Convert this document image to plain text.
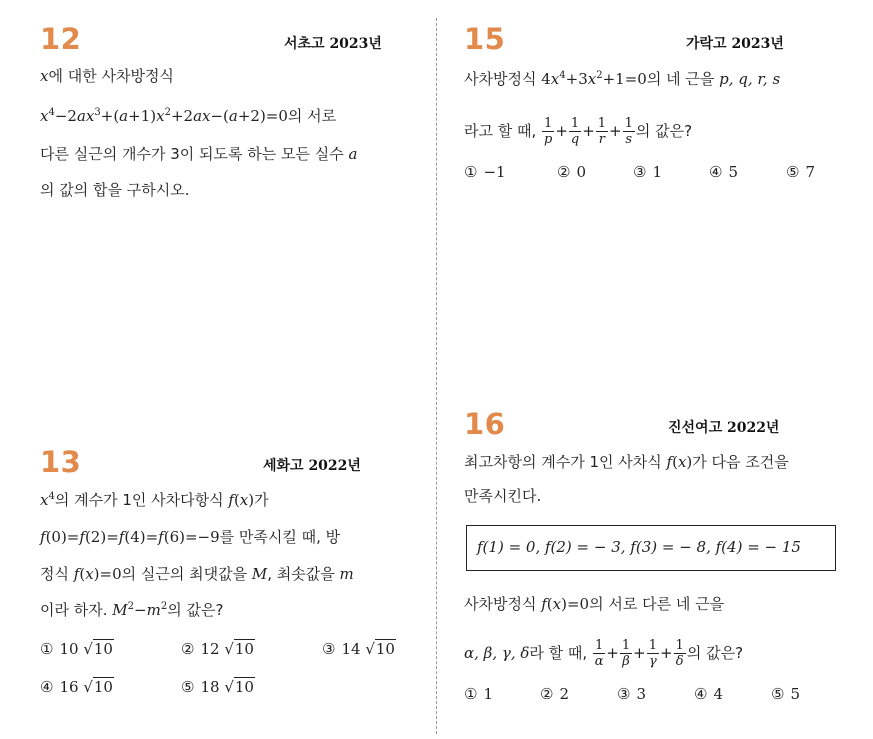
12	서초고 2023년
x에 대한 사차방정식
$x^4-2ax^3+(a+1)x^2+2ax-(a+2)=0$의 서로
다른 실근의 개수가 3이 되도록 하는 모든 실수 a
의 값의 합을 구하시오.
15	가락고 2023년
사차방정식 $4x^4+3x^2+1=0$의 네 근을 p, q, r, s
라고 할 때, $\frac{1}{p} + \frac{1}{q} + \frac{1}{r} + \frac{1}{s}$ 의 값은?
① −1	② 0	③ 1	④ 5	⑤ 7
13	세화고 2022년
$x^4$의 계수가 1인 사차다항식 f(x)가
f(0)=f(2)=f(4)=f(6)=−9를 만족시킬 때, 방
정식 f(x)=0의 실근의 최댓값을 M, 최솟값을 m
이라 하자. $M^2-m^2$의 값은?
① 10 √10	② 12 √10	③ 14 √10
④ 16 √10	⑤ 18 √10
16	진선여고 2022년
최고차항의 계수가 1인 사차식 f(x)가 다음 조건을
만족시킨다.
f(1) = 0, f(2) = − 3, f(3) = − 8, f(4) = − 15
사차방정식 f(x)=0의 서로 다른 네 근을
α, β, γ, δ라 할 때, $\frac{1}{\alpha} + \frac{1}{\beta} + \frac{1}{\gamma} + \frac{1}{\delta}$ 의 값은?
① 1	② 2	③ 3	④ 4	⑤ 5
